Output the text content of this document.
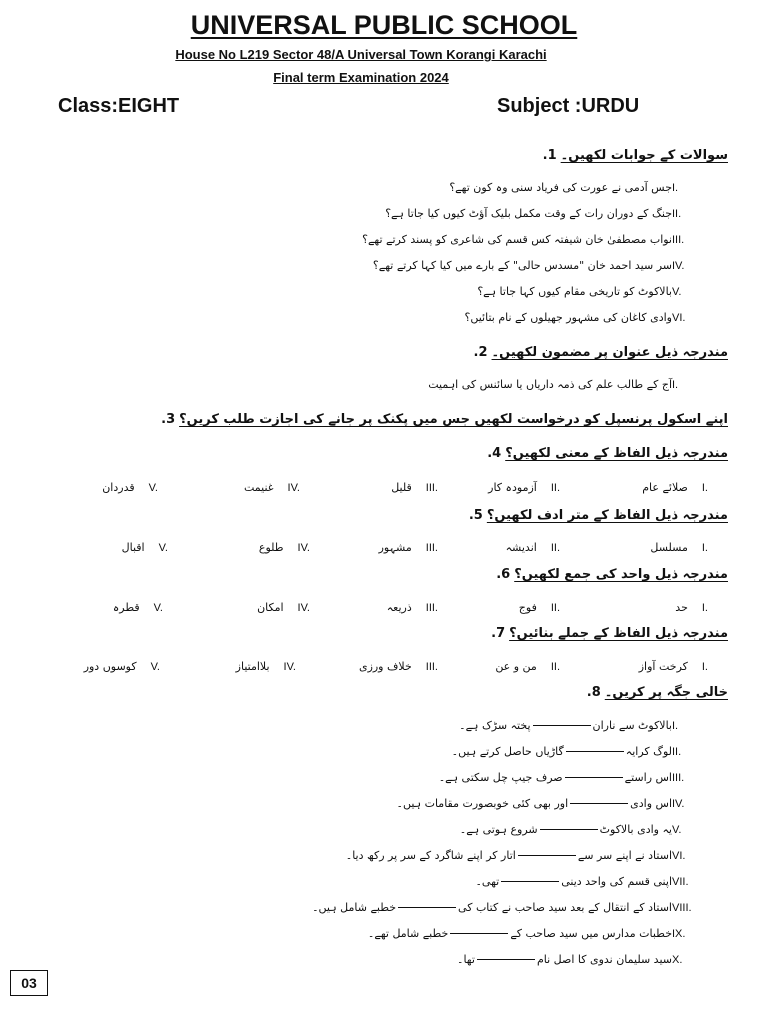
UNIVERSAL PUBLIC SCHOOL
House No L219 Sector 48/A Universal Town Korangi Karachi
Final term Examination 2024
Class:EIGHT	Subject :URDU
سوالات کے جوابات لکھیں۔
1.
I.
جس آدمی نے عورت کی فریاد سنی وہ کون تھے؟
II.
جنگ کے دوران رات کے وقت مکمل بلیک آؤٹ کیوں کیا جاتا ہے؟
III.
نواب مصطفیٰ خان شیفتہ کس قسم کی شاعری کو پسند کرتے تھے؟
IV.
سر سید احمد خان "مسدس حالی" کے بارے میں کیا کہا کرتے تھے؟
V.
بالاکوٹ کو تاریخی مقام کیوں کہا جاتا ہے؟
VI.
وادی کاغان کی مشہور جھیلوں کے نام بتائیں؟
مندرجہ ذیل عنوان پر مضمون لکھیں۔
2.
I.
آج کے طالب علم کی ذمہ داریاں یا سائنس کی اہمیت
اپنے اسکول پرنسپل کو درخواست لکھیں جس میں پکنک پر جانے کی اجازت طلب کریں؟
3.
مندرجہ ذیل الفاظ کے معنی لکھیں؟
4.
I.
صلائے عام
II.
آزمودہ کار
III.
قلیل
IV.
غنیمت
V.
قدردان
مندرجہ ذیل الفاظ کے متر ادف لکھیں؟
5.
I.
مسلسل
II.
اندیشہ
III.
مشہور
IV.
طلوع
V.
اقبال
مندرجہ ذیل واحد کی جمع لکھیں؟
6.
I.
حد
II.
فوج
III.
ذریعہ
IV.
امکان
V.
قطرہ
مندرجہ ذیل الفاظ کے جملے بنائیں؟
7.
I.
کرخت آواز
II.
من و عن
III.
خلاف ورزی
IV.
بلاامتیاز
V.
کوسوں دور
خالی جگہ پر کریں۔
8.
I.
بالاکوٹ سے ناران
پختہ سڑک ہے۔
II.
لوگ کرایہ
گاڑیاں حاصل کرتے ہیں۔
III.
اس راستے
صرف جیپ چل سکتی ہے۔
IV.
اس وادی
اور بھی کئی خوبصورت مقامات ہیں۔
V.
یہ وادی بالاکوٹ
شروع ہوتی ہے۔
VI.
استاد نے اپنے سر سے
اتار کر اپنے شاگرد کے سر پر رکھ دیا۔
VII.
اپنی قسم کی واحد دینی
تھی۔
VIII.
استاد کے انتقال کے بعد سید صاحب نے کتاب کی
خطبے شامل ہیں۔
IX.
خطبات مدارس میں سید صاحب کے
خطبے شامل تھے۔
X.
سید سلیمان ندوی کا اصل نام
تھا۔
03
